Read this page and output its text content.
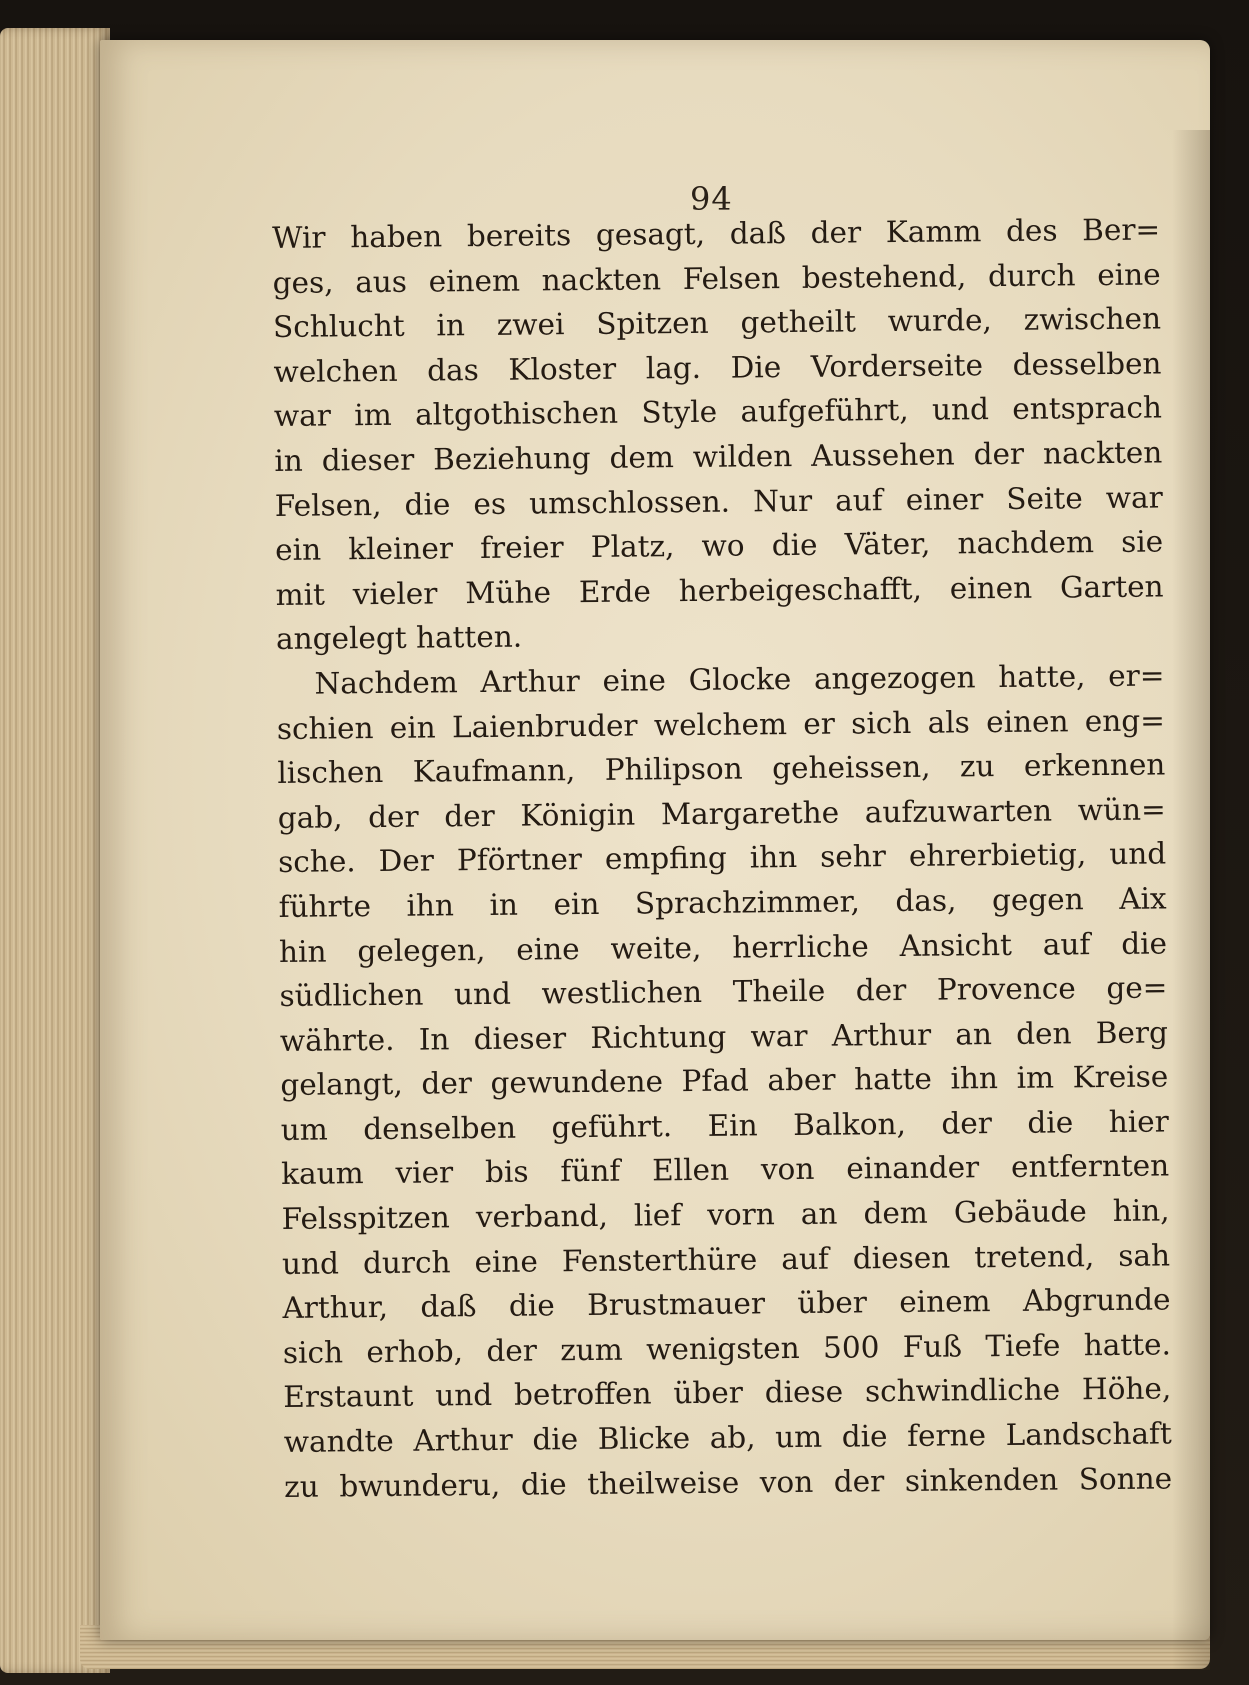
94
Wir haben bereits gesagt, daß der Kamm des Ber=
ges, aus einem nackten Felsen bestehend, durch eine
Schlucht in zwei Spitzen getheilt wurde, zwischen
welchen das Kloster lag. Die Vorderseite desselben
war im altgothischen Style aufgeführt, und entsprach
in dieser Beziehung dem wilden Aussehen der nackten
Felsen, die es umschlossen. Nur auf einer Seite war
ein kleiner freier Platz, wo die Väter, nachdem sie
mit vieler Mühe Erde herbeigeschafft, einen Garten
angelegt hatten.
Nachdem Arthur eine Glocke angezogen hatte, er=
schien ein Laienbruder welchem er sich als einen eng=
lischen Kaufmann, Philipson geheissen, zu erkennen
gab, der der Königin Margarethe aufzuwarten wün=
sche. Der Pförtner empfing ihn sehr ehrerbietig, und
führte ihn in ein Sprachzimmer, das, gegen Aix
hin gelegen, eine weite, herrliche Ansicht auf die
südlichen und westlichen Theile der Provence ge=
währte. In dieser Richtung war Arthur an den Berg
gelangt, der gewundene Pfad aber hatte ihn im Kreise
um denselben geführt. Ein Balkon, der die hier
kaum vier bis fünf Ellen von einander entfernten
Felsspitzen verband, lief vorn an dem Gebäude hin,
und durch eine Fensterthüre auf diesen tretend, sah
Arthur, daß die Brustmauer über einem Abgrunde
sich erhob, der zum wenigsten 500 Fuß Tiefe hatte.
Erstaunt und betroffen über diese schwindliche Höhe,
wandte Arthur die Blicke ab, um die ferne Landschaft
zu bwunderu, die theilweise von der sinkenden Sonne
